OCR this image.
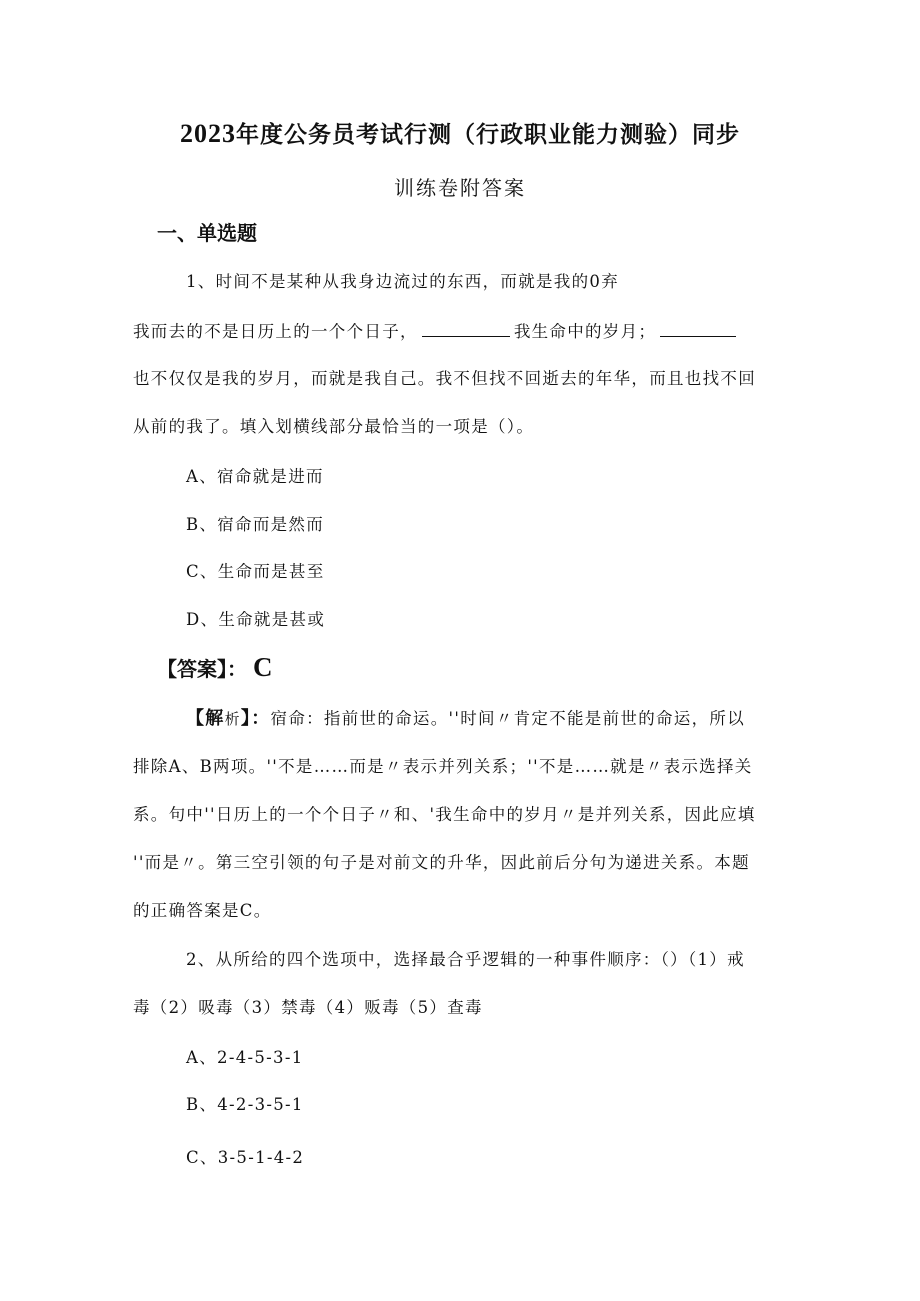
2023年度公务员考试行测（行政职业能力测验）同步
训练卷附答案
一、单选题
1、时间不是某种从我身边流过的东西，而就是我的0弃
我而去的不是日历上的一个个日子，	我生命中的岁月；
也不仅仅是我的岁月，而就是我自己。我不但找不回逝去的年华，而且也找不回
从前的我了。填入划横线部分最恰当的一项是（）。
A、宿命就是进而
B、宿命而是然而
C、生命而是甚至
D、生命就是甚或
【答案】： C
【解析】：宿命：指前世的命运。''时间〃肯定不能是前世的命运，所以
排除A、B两项。''不是……而是〃表示并列关系；''不是……就是〃表示选择关
系。句中''日历上的一个个日子〃和、'我生命中的岁月〃是并列关系，因此应填
''而是〃。第三空引领的句子是对前文的升华，因此前后分句为递进关系。本题
的正确答案是C。
2、从所给的四个选项中，选择最合乎逻辑的一种事件顺序：（）（1）戒
毒（2）吸毒（3）禁毒（4）贩毒（5）查毒
A、2-4-5-3-1
B、4-2-3-5-1
C、3-5-1-4-2
